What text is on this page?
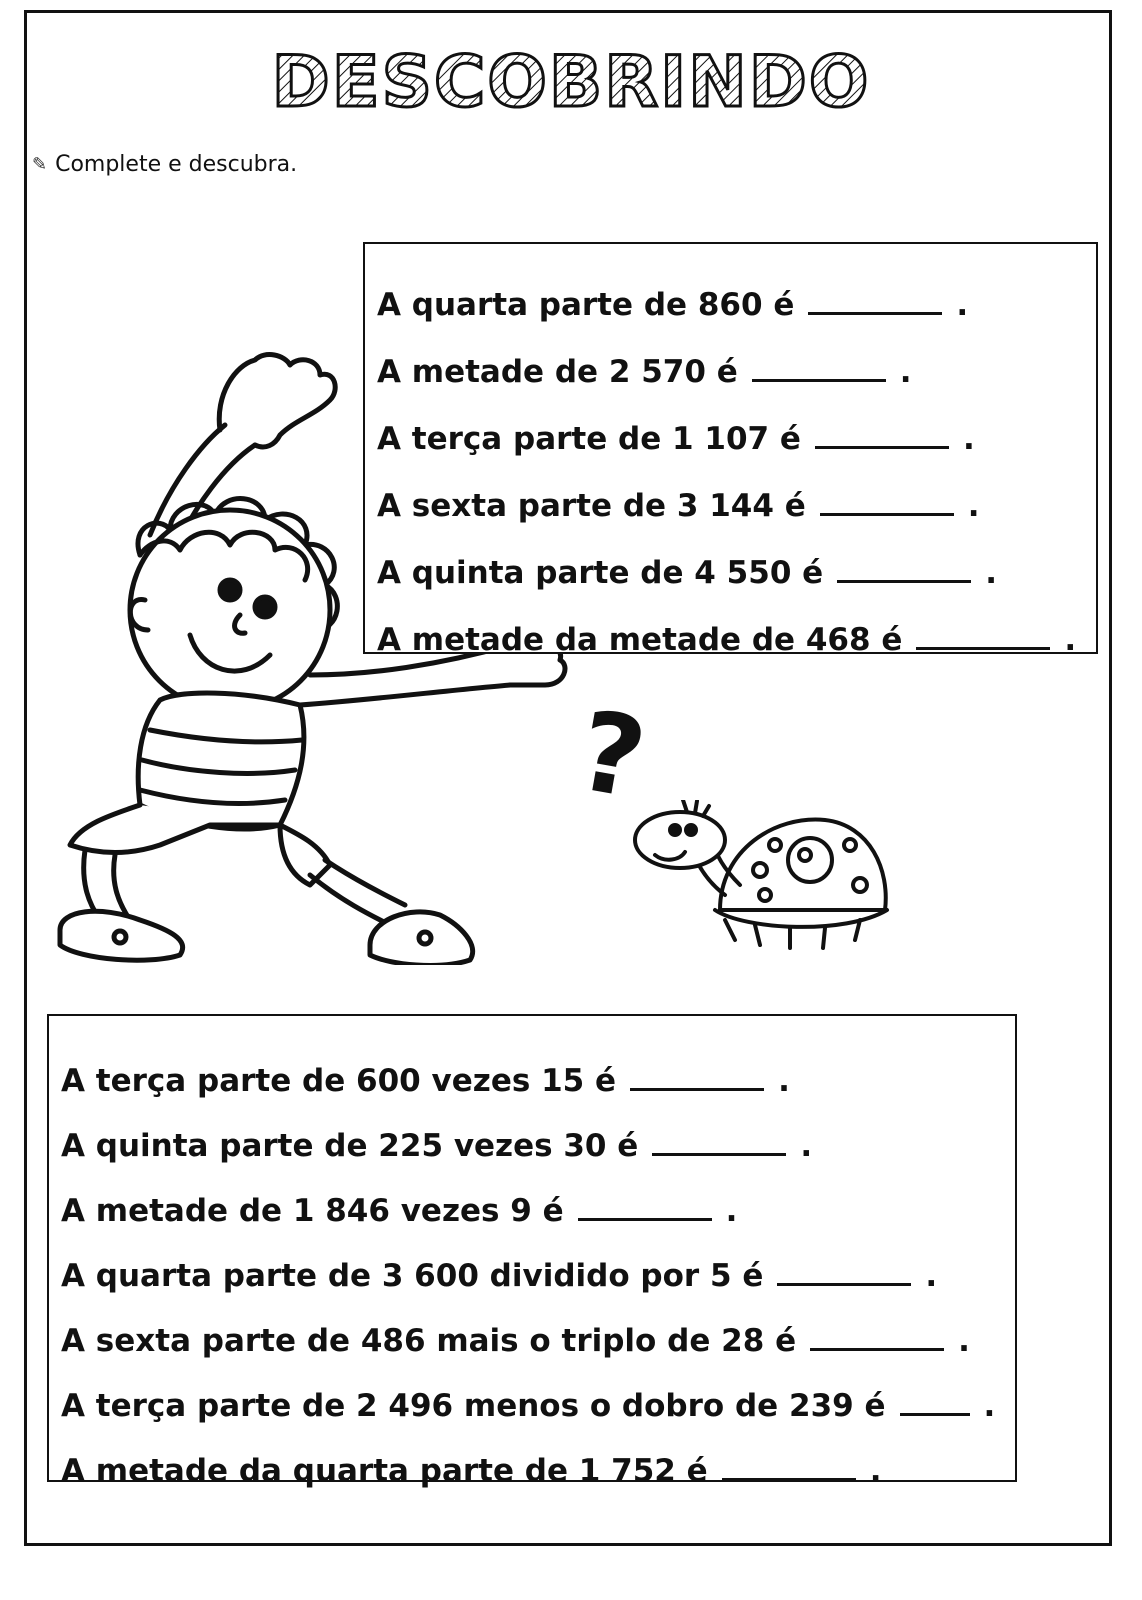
DESCOBRINDO
✎ Complete e descubra.
?
A quarta parte de 860 é	.
A metade de 2 570 é	.
A terça parte de 1 107 é	.
A sexta parte de 3 144 é	.
A quinta parte de 4 550 é	.
A metade da metade de 468 é	.
A terça parte de 600 vezes 15 é	.
A quinta parte de 225 vezes 30 é	.
A metade de 1 846 vezes 9 é	.
A quarta parte de 3 600 dividido por 5 é	.
A sexta parte de 486 mais o triplo de 28 é	.
A terça parte de 2 496 menos o dobro de 239 é	.
A metade da quarta parte de 1 752 é	.
